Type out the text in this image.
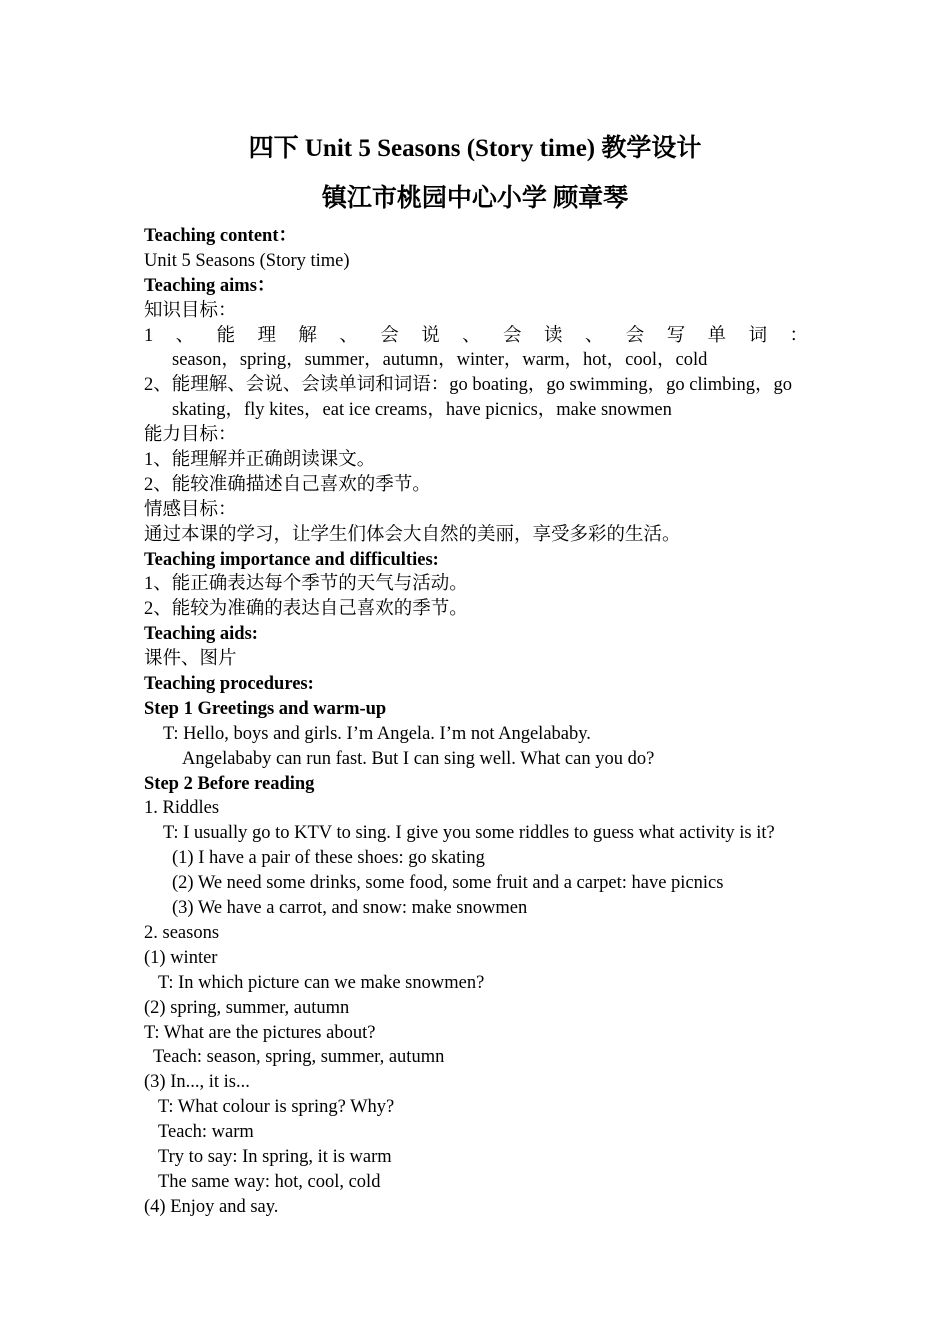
四下 Unit 5 Seasons (Story time) 教学设计
镇江市桃园中心小学 顾章琴
Teaching content：
Unit 5 Seasons (Story time)
Teaching aims：
知识目标：
1 、 能 理 解 、 会 说 、 会 读 、 会 写 单 词 ：
season，spring，summer，autumn，winter，warm，hot，cool，cold
2、能理解、会说、会读单词和词语：go boating，go swimming，go climbing，go
skating，fly kites，eat ice creams，have picnics，make snowmen
能力目标：
1、能理解并正确朗读课文。
2、能较准确描述自己喜欢的季节。
情感目标：
通过本课的学习，让学生们体会大自然的美丽，享受多彩的生活。
Teaching importance and difficulties:
1、能正确表达每个季节的天气与活动。
2、能较为准确的表达自己喜欢的季节。
Teaching aids:
课件、图片
Teaching procedures:
Step 1 Greetings and warm-up
T: Hello, boys and girls. I’m Angela. I’m not Angelababy.
Angelababy can run fast. But I can sing well. What can you do?
Step 2 Before reading
1. Riddles
T: I usually go to KTV to sing. I give you some riddles to guess what activity is it?
(1) I have a pair of these shoes: go skating
(2) We need some drinks, some food, some fruit and a carpet: have picnics
(3) We have a carrot, and snow: make snowmen
2. seasons
(1) winter
T: In which picture can we make snowmen?
(2) spring, summer, autumn
T: What are the pictures about?
Teach: season, spring, summer, autumn
(3) In..., it is...
T: What colour is spring? Why?
Teach: warm
Try to say: In spring, it is warm
The same way: hot, cool, cold
(4) Enjoy and say.
